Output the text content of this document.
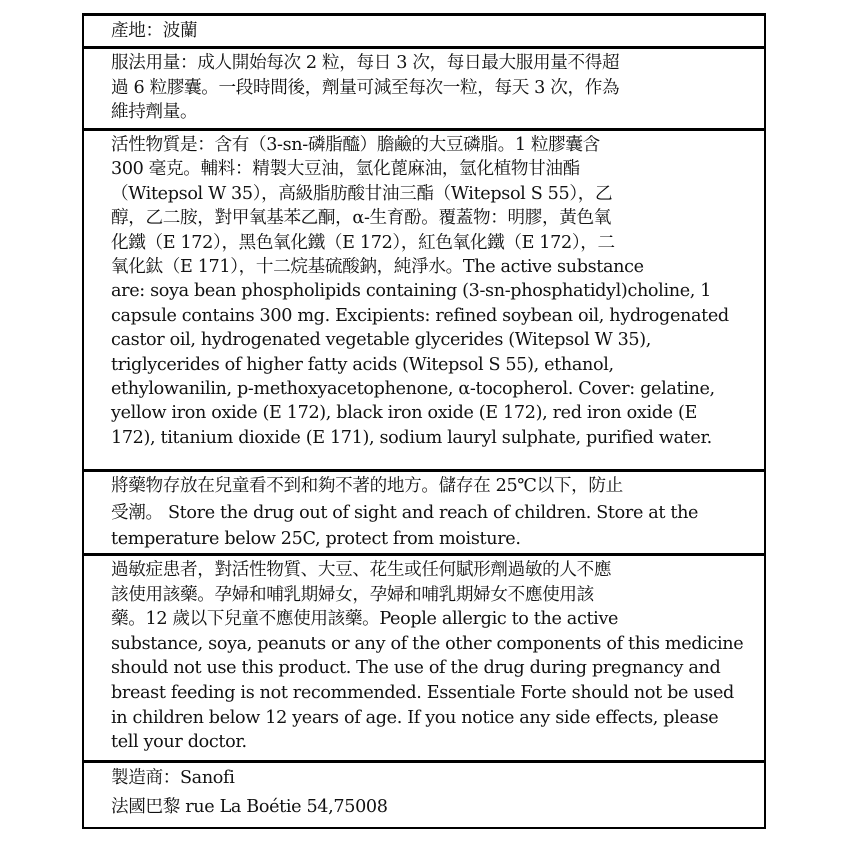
產地：波蘭
服法用量：成人開始每次 2 粒，每日 3 次，每日最大服用量不得超
過 6 粒膠囊。一段時間後，劑量可減至每次一粒，每天 3 次，作為
維持劑量。
活性物質是：含有（3-sn-磷脂醯）膽鹼的大豆磷脂。1 粒膠囊含
300 毫克。輔料：精製大豆油，氫化蓖麻油，氫化植物甘油酯
（Witepsol W 35），高級脂肪酸甘油三酯（Witepsol S 55），乙
醇，乙二胺，對甲氧基苯乙酮，α-生育酚。覆蓋物：明膠，黃色氧
化鐵（E 172），黑色氧化鐵（E 172），紅色氧化鐵（E 172），二
氧化鈦（E 171），十二烷基硫酸鈉，純淨水。The active substance
are: soya bean phospholipids containing (3-sn-phosphatidyl)choline, 1
capsule contains 300 mg. Excipients: refined soybean oil, hydrogenated
castor oil, hydrogenated vegetable glycerides (Witepsol W 35),
triglycerides of higher fatty acids (Witepsol S 55), ethanol,
ethylowanilin, p-methoxyacetophenone, α-tocopherol. Cover: gelatine,
yellow iron oxide (E 172), black iron oxide (E 172), red iron oxide (E
172), titanium dioxide (E 171), sodium lauryl sulphate, purified water.
將藥物存放在兒童看不到和夠不著的地方。儲存在 25℃以下，防止
受潮。 Store the drug out of sight and reach of children. Store at the
temperature below 25C, protect from moisture.
過敏症患者，對活性物質、大豆、花生或任何賦形劑過敏的人不應
該使用該藥。孕婦和哺乳期婦女，孕婦和哺乳期婦女不應使用該
藥。12 歲以下兒童不應使用該藥。People allergic to the active
substance, soya, peanuts or any of the other components of this medicine
should not use this product. The use of the drug during pregnancy and
breast feeding is not recommended. Essentiale Forte should not be used
in children below 12 years of age. If you notice any side effects, please
tell your doctor.
製造商：Sanofi
法國巴黎 rue La Boétie 54,75008
